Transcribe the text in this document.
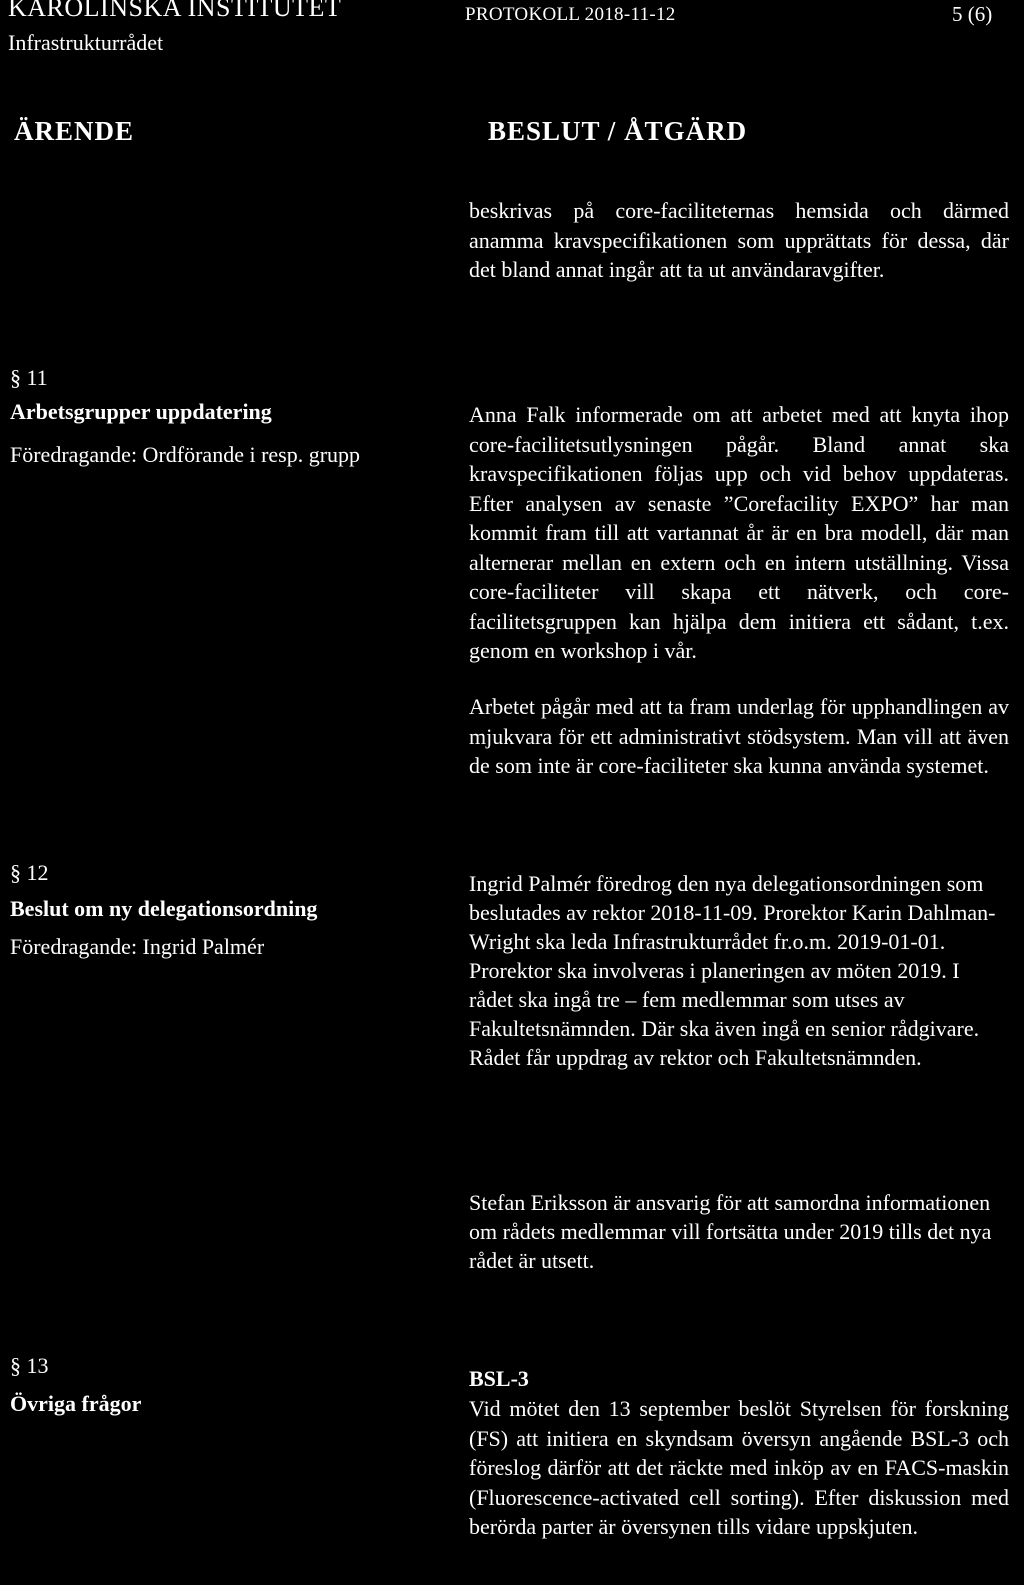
KAROLINSKA INSTITUTET
Infrastrukturrådet
PROTOKOLL 2018-11-12	5 (6)
ÄRENDE	BESLUT / ÅTGÄRD
beskrivas på core-faciliteternas hemsida och därmed anamma kravspecifikationen som upprättats för dessa, där det bland annat ingår att ta ut användaravgifter.
§ 11
Arbetsgrupper uppdatering
Föredragande: Ordförande i resp. grupp
Anna Falk informerade om att arbetet med att knyta ihop core-facilitetsutlysningen pågår. Bland annat ska kravspecifikationen följas upp och vid behov uppdateras. Efter analysen av senaste ”Corefacility EXPO” har man kommit fram till att vartannat år är en bra modell, där man alternerar mellan en extern och en intern utställning. Vissa core-faciliteter vill skapa ett nätverk, och core-facilitetsgruppen kan hjälpa dem initiera ett sådant, t.ex. genom en workshop i vår.
Arbetet pågår med att ta fram underlag för upphandlingen av mjukvara för ett administrativt stödsystem. Man vill att även de som inte är core-faciliteter ska kunna använda systemet.
§ 12
Beslut om ny delegationsordning
Föredragande: Ingrid Palmér
Ingrid Palmér föredrog den nya delegationsordningen som beslutades av rektor 2018-11-09. Prorektor Karin Dahlman-Wright ska leda Infrastrukturrådet fr.o.m. 2019-01-01. Prorektor ska involveras i planeringen av möten 2019. I rådet ska ingå tre – fem medlemmar som utses av Fakultetsnämnden. Där ska även ingå en senior rådgivare. Rådet får uppdrag av rektor och Fakultetsnämnden.
Stefan Eriksson är ansvarig för att samordna informationen om rådets medlemmar vill fortsätta under 2019 tills det nya rådet är utsett.
§ 13
Övriga frågor
BSL-3
Vid mötet den 13 september beslöt Styrelsen för forskning (FS) att initiera en skyndsam översyn angående BSL-3 och föreslog därför att det räckte med inköp av en FACS-maskin (Fluorescence-activated cell sorting). Efter diskussion med berörda parter är översynen tills vidare uppskjuten.
